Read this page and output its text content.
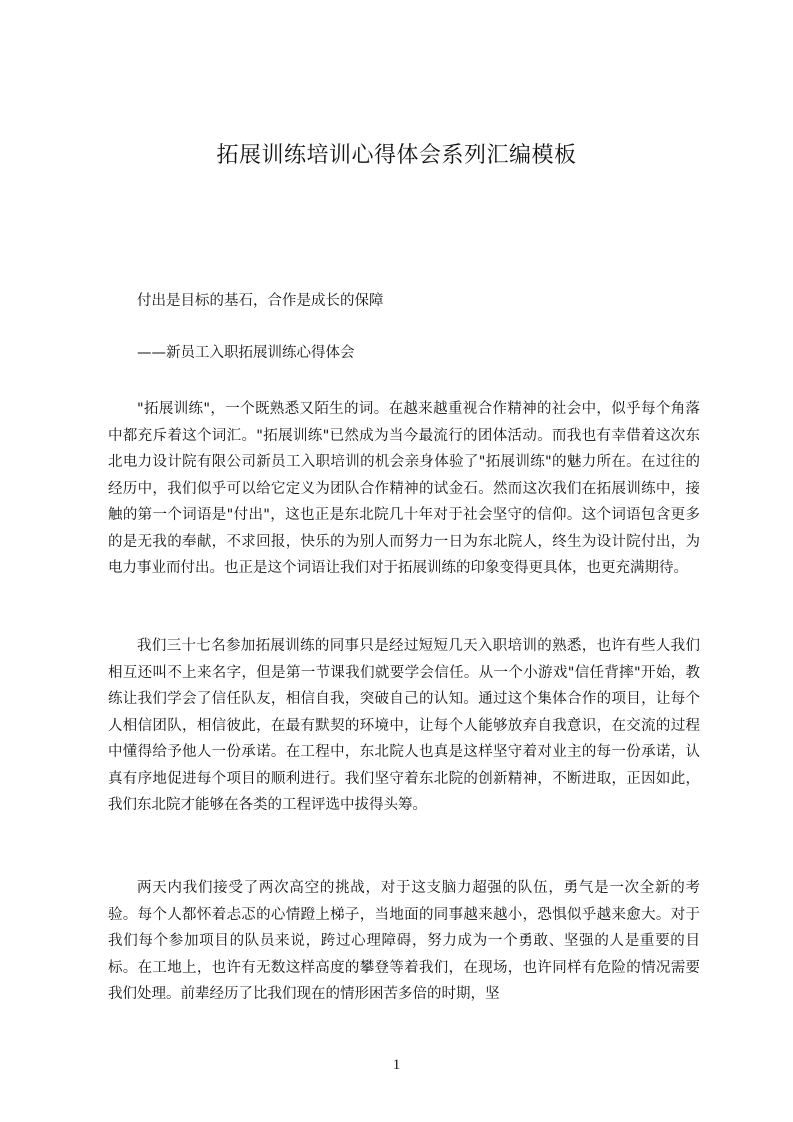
拓展训练培训心得体会系列汇编模板

付出是目标的基石，合作是成长的保障

——新员工入职拓展训练心得体会

"拓展训练"，一个既熟悉又陌生的词。在越来越重视合作精神的社会中，似乎每个角落中都充斥着这个词汇。"拓展训练"已然成为当今最流行的团体活动。而我也有幸借着这次东北电力设计院有限公司新员工入职培训的机会亲身体验了"拓展训练"的魅力所在。在过往的经历中，我们似乎可以给它定义为团队合作精神的试金石。然而这次我们在拓展训练中，接触的第一个词语是"付出"，这也正是东北院几十年对于社会坚守的信仰。这个词语包含更多的是无我的奉献，不求回报，快乐的为别人而努力一日为东北院人，终生为设计院付出，为电力事业而付出。也正是这个词语让我们对于拓展训练的印象变得更具体，也更充满期待。

我们三十七名参加拓展训练的同事只是经过短短几天入职培训的熟悉，也许有些人我们相互还叫不上来名字，但是第一节课我们就要学会信任。从一个小游戏"信任背摔"开始，教练让我们学会了信任队友，相信自我，突破自己的认知。通过这个集体合作的项目，让每个人相信团队，相信彼此，在最有默契的环境中，让每个人能够放弃自我意识，在交流的过程中懂得给予他人一份承诺。在工程中，东北院人也真是这样坚守着对业主的每一份承诺，认真有序地促进每个项目的顺利进行。我们坚守着东北院的创新精神，不断进取，正因如此，我们东北院才能够在各类的工程评选中拔得头筹。

两天内我们接受了两次高空的挑战，对于这支脑力超强的队伍，勇气是一次全新的考验。每个人都怀着忐忑的心情蹬上梯子，当地面的同事越来越小，恐惧似乎越来愈大。对于我们每个参加项目的队员来说，跨过心理障碍，努力成为一个勇敢、坚强的人是重要的目标。在工地上，也许有无数这样高度的攀登等着我们，在现场，也许同样有危险的情况需要我们处理。前辈经历了比我们现在的情形困苦多倍的时期，坚

1
